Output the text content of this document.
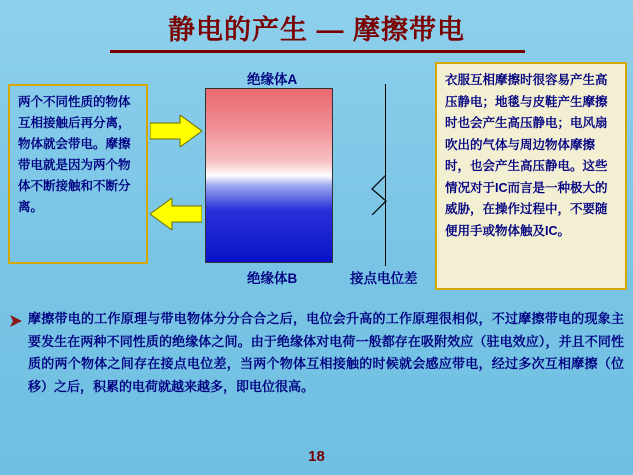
静电的产生 — 摩擦带电

两个不同性质的物体互相接触后再分离，物体就会带电。摩擦带电就是因为两个物体不断接触和不断分离。

绝缘体A
绝缘体B	接点电位差

衣服互相摩擦时很容易产生高压静电；地毯与皮鞋产生摩擦时也会产生高压静电；电风扇吹出的气体与周边物体摩擦时，也会产生高压静电。这些情况对于IC而言是一种极大的威胁，在操作过程中，不要随便用手或物体触及IC。

摩擦带电的工作原理与带电物体分分合合之后，电位会升高的工作原理很相似，不过摩擦带电的现象主要发生在两种不同性质的绝缘体之间。由于绝缘体对电荷一般都存在吸附效应（驻电效应），并且不同性质的两个物体之间存在接点电位差，当两个物体互相接触的时候就会感应带电，经过多次互相摩擦（位移）之后，积累的电荷就越来越多，即电位很高。
18
